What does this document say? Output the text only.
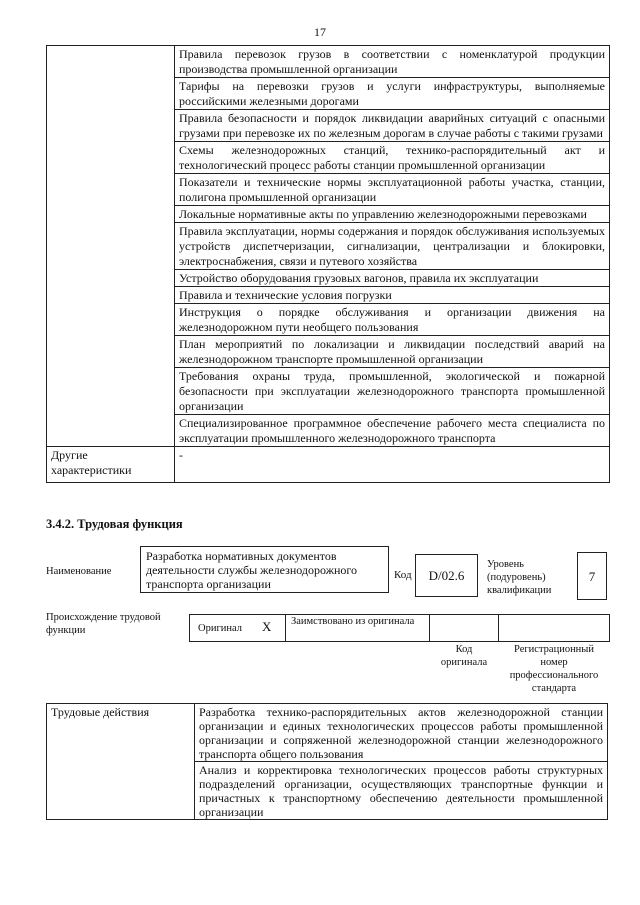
17
	Правила перевозок грузов в соответствии с номенклатурой продукции производства промышленной организации
	Тарифы на перевозки грузов и услуги инфраструктуры, выполняемые российскими железными дорогами
	Правила безопасности и порядок ликвидации аварийных ситуаций с опасными грузами при перевозке их по железным дорогам в случае работы с такими грузами
	Схемы железнодорожных станций, технико-распорядительный акт и технологический процесс работы станции промышленной организации
	Показатели и технические нормы эксплуатационной работы участка, станции, полигона промышленной организации
	Локальные нормативные акты по управлению железнодорожными перевозками
	Правила эксплуатации, нормы содержания и порядок обслуживания используемых устройств диспетчеризации, сигнализации, централизации и блокировки, электроснабжения, связи и путевого хозяйства
	Устройство оборудования грузовых вагонов, правила их эксплуатации
	Правила и технические условия погрузки
	Инструкция о порядке обслуживания и организации движения на железнодорожном пути необщего пользования
	План мероприятий по локализации и ликвидации последствий аварий на железнодорожном транспорте промышленной организации
	Требования охраны труда, промышленной, экологической и пожарной безопасности при эксплуатации железнодорожного транспорта промышленной организации
	Специализированное программное обеспечение рабочего места специалиста по эксплуатации промышленного железнодорожного транспорта
Другие характеристики	-
3.4.2. Трудовая функция
Наименование
Разработка нормативных документов деятельности службы железнодорожного транспорта организации
Код	D/02.6
Уровень (подуровень) квалификации
7
Происхождение трудовой функции	Оригинал X	Заимствовано из оригинала
Код оригинала
Регистрационный номер профессионального стандарта
Трудовые действия	Разработка технико-распорядительных актов железнодорожной станции организации и единых технологических процессов работы промышленной организации и сопряженной железнодорожной станции железнодорожного транспорта общего пользования
Анализ и корректировка технологических процессов работы структурных подразделений организации, осуществляющих транспортные функции и причастных к транспортному обеспечению деятельности промышленной организации
